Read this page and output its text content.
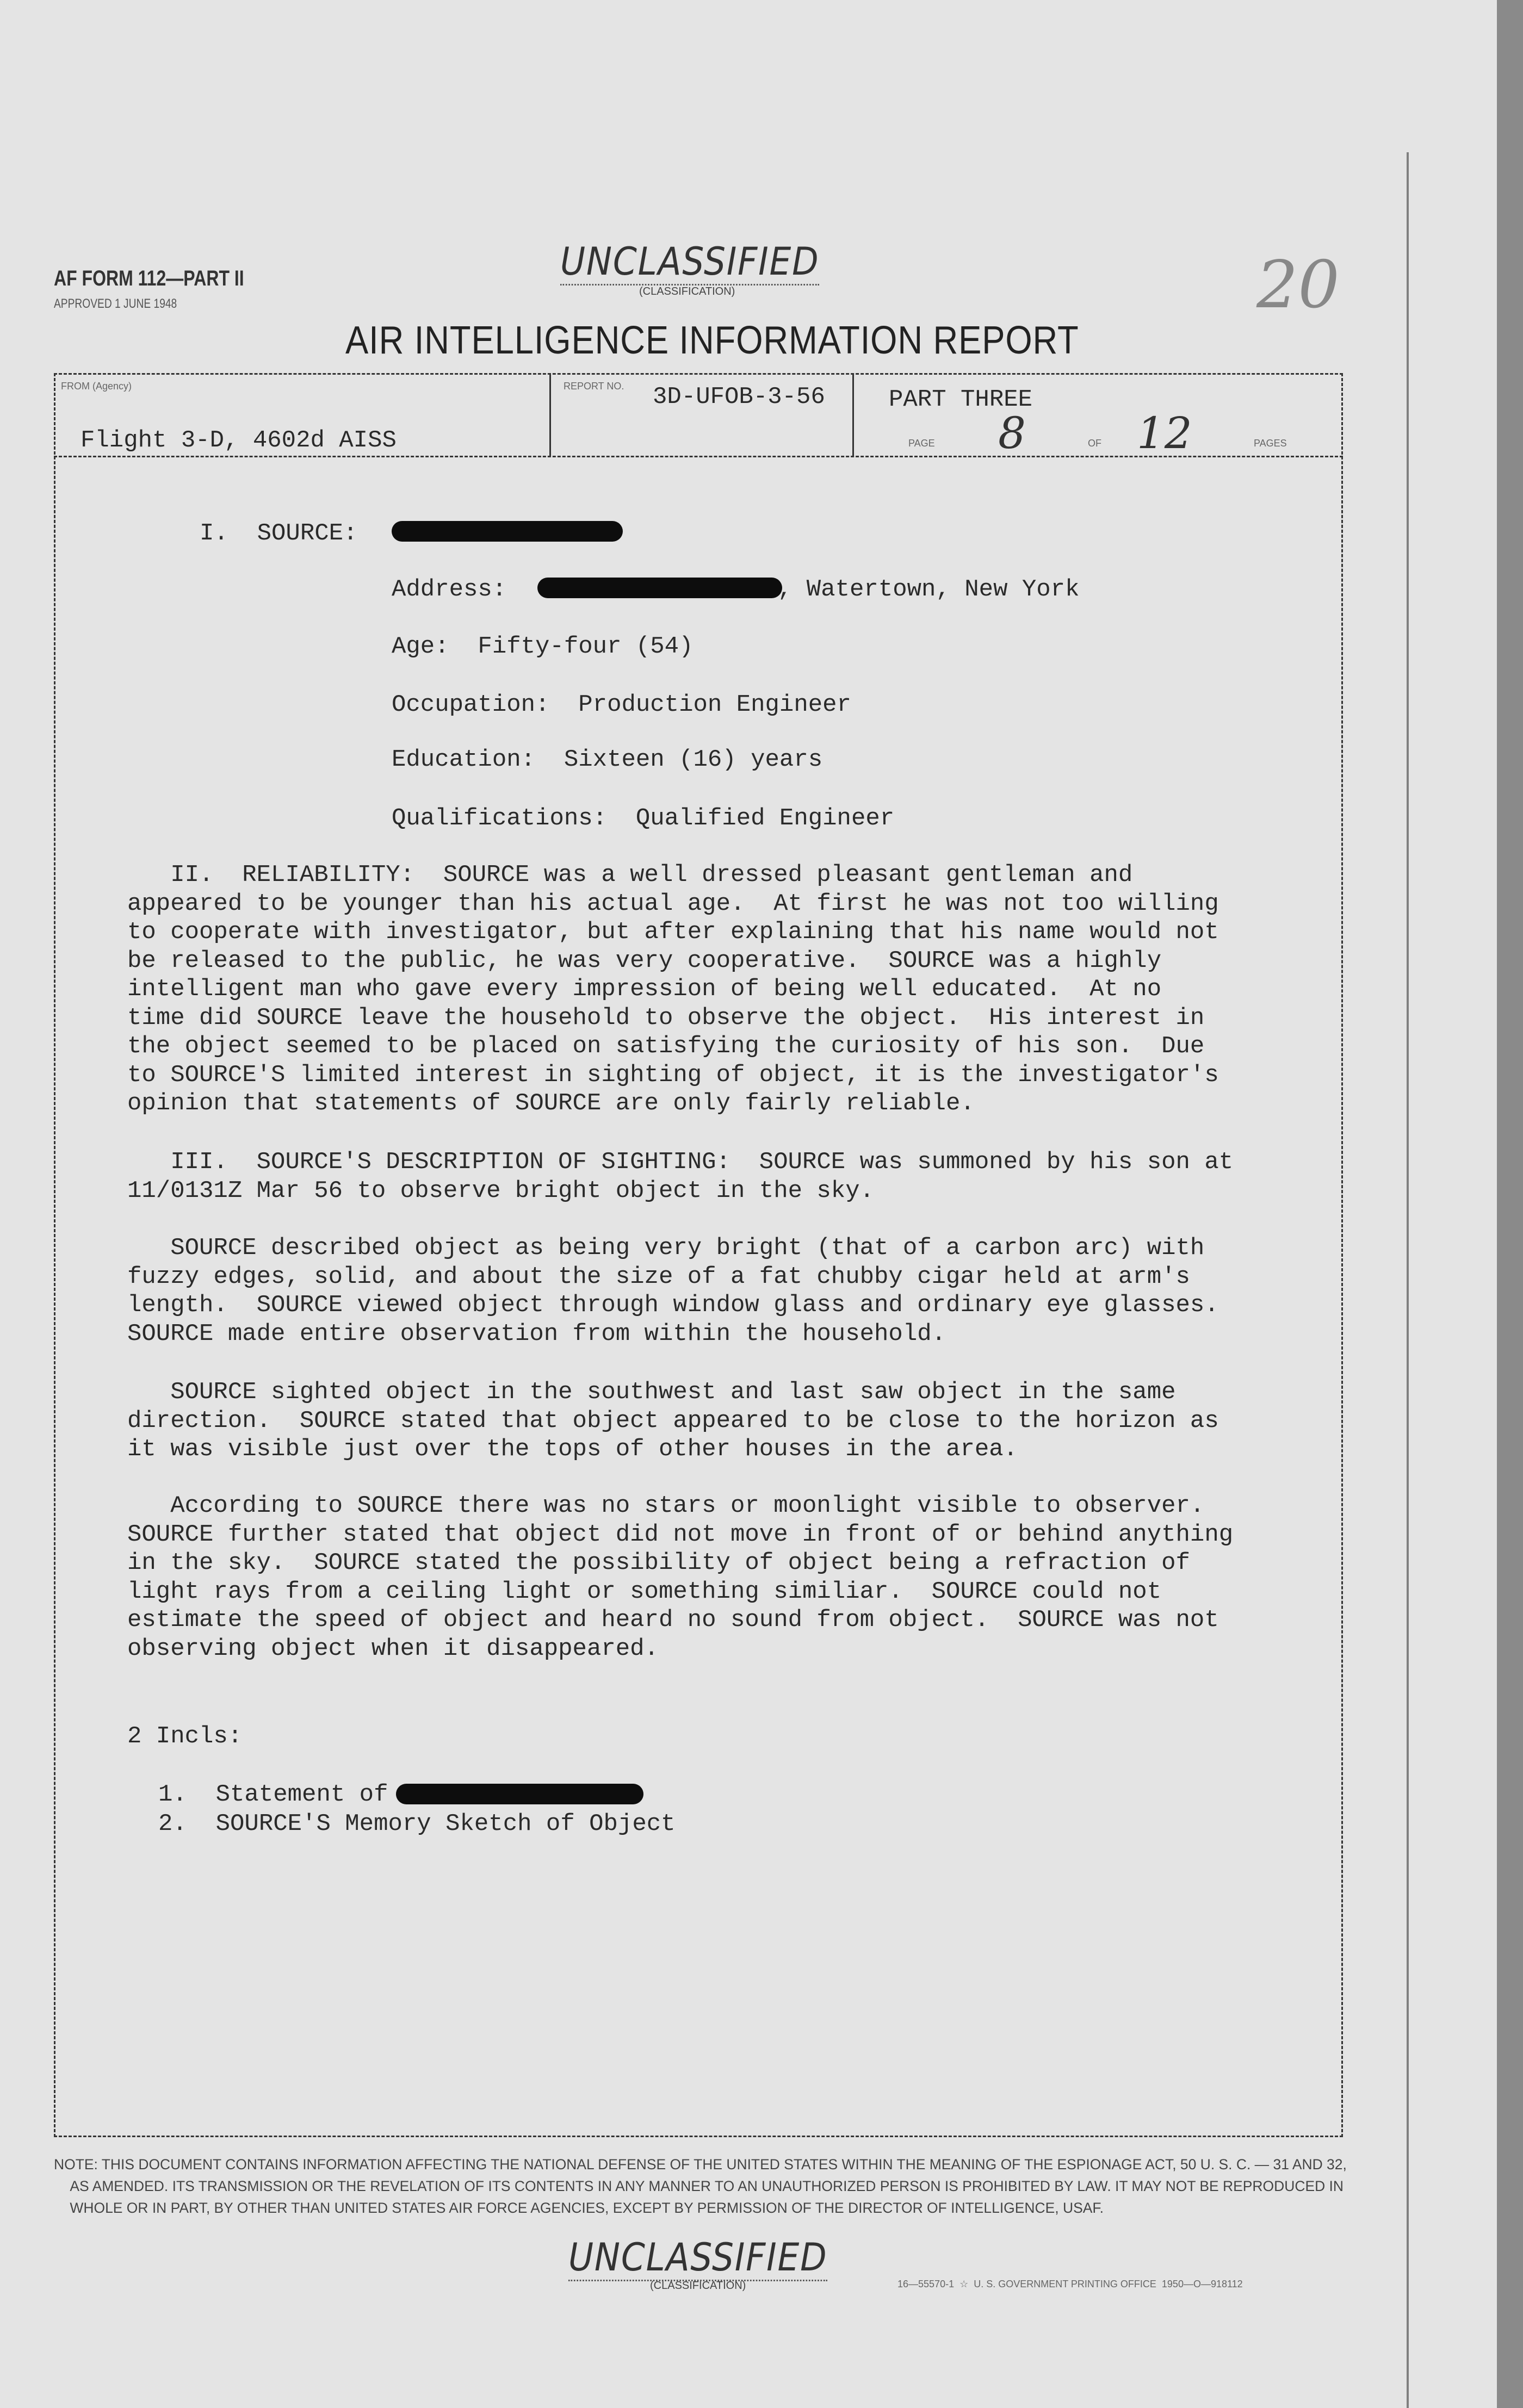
AF FORM 112—PART II
APPROVED 1 JUNE 1948
UNCLASSIFIED
(CLASSIFICATION)	20
AIR INTELLIGENCE INFORMATION REPORT
FROM (Agency)
Flight 3-D, 4602d AISS
REPORT NO. 3D-UFOB-3-56	PART THREE
PAGE 8	OF 12	PAGES
I.  SOURCE:
Address:	, Watertown, New York
Age:  Fifty-four (54)
Occupation:  Production Engineer
Education:  Sixteen (16) years
Qualifications:  Qualified Engineer
II.  RELIABILITY:  SOURCE was a well dressed pleasant gentleman and
appeared to be younger than his actual age.  At first he was not too willing
to cooperate with investigator, but after explaining that his name would not
be released to the public, he was very cooperative.  SOURCE was a highly
intelligent man who gave every impression of being well educated.  At no
time did SOURCE leave the household to observe the object.  His interest in
the object seemed to be placed on satisfying the curiosity of his son.  Due
to SOURCE'S limited interest in sighting of object, it is the investigator's
opinion that statements of SOURCE are only fairly reliable.
III.  SOURCE'S DESCRIPTION OF SIGHTING:  SOURCE was summoned by his son at
11/0131Z Mar 56 to observe bright object in the sky.
SOURCE described object as being very bright (that of a carbon arc) with
fuzzy edges, solid, and about the size of a fat chubby cigar held at arm's
length.  SOURCE viewed object through window glass and ordinary eye glasses.
SOURCE made entire observation from within the household.
SOURCE sighted object in the southwest and last saw object in the same
direction.  SOURCE stated that object appeared to be close to the horizon as
it was visible just over the tops of other houses in the area.
According to SOURCE there was no stars or moonlight visible to observer.
SOURCE further stated that object did not move in front of or behind anything
in the sky.  SOURCE stated the possibility of object being a refraction of
light rays from a ceiling light or something similiar.  SOURCE could not
estimate the speed of object and heard no sound from object.  SOURCE was not
observing object when it disappeared.
2 Incls:
1.  Statement of
2.  SOURCE'S Memory Sketch of Object
NOTE: THIS DOCUMENT CONTAINS INFORMATION AFFECTING THE NATIONAL DEFENSE OF THE UNITED STATES WITHIN THE MEANING OF THE ESPIONAGE ACT, 50 U. S. C. — 31 AND 32, AS AMENDED. ITS TRANSMISSION OR THE REVELATION OF ITS CONTENTS IN ANY MANNER TO AN UNAUTHORIZED PERSON IS PROHIBITED BY LAW. IT MAY NOT BE REPRODUCED IN WHOLE OR IN PART, BY OTHER THAN UNITED STATES AIR FORCE AGENCIES, EXCEPT BY PERMISSION OF THE DIRECTOR OF INTELLIGENCE, USAF.
UNCLASSIFIED
(CLASSIFICATION)	16—55570-1  ☆  U. S. GOVERNMENT PRINTING OFFICE  1950—O—918112
